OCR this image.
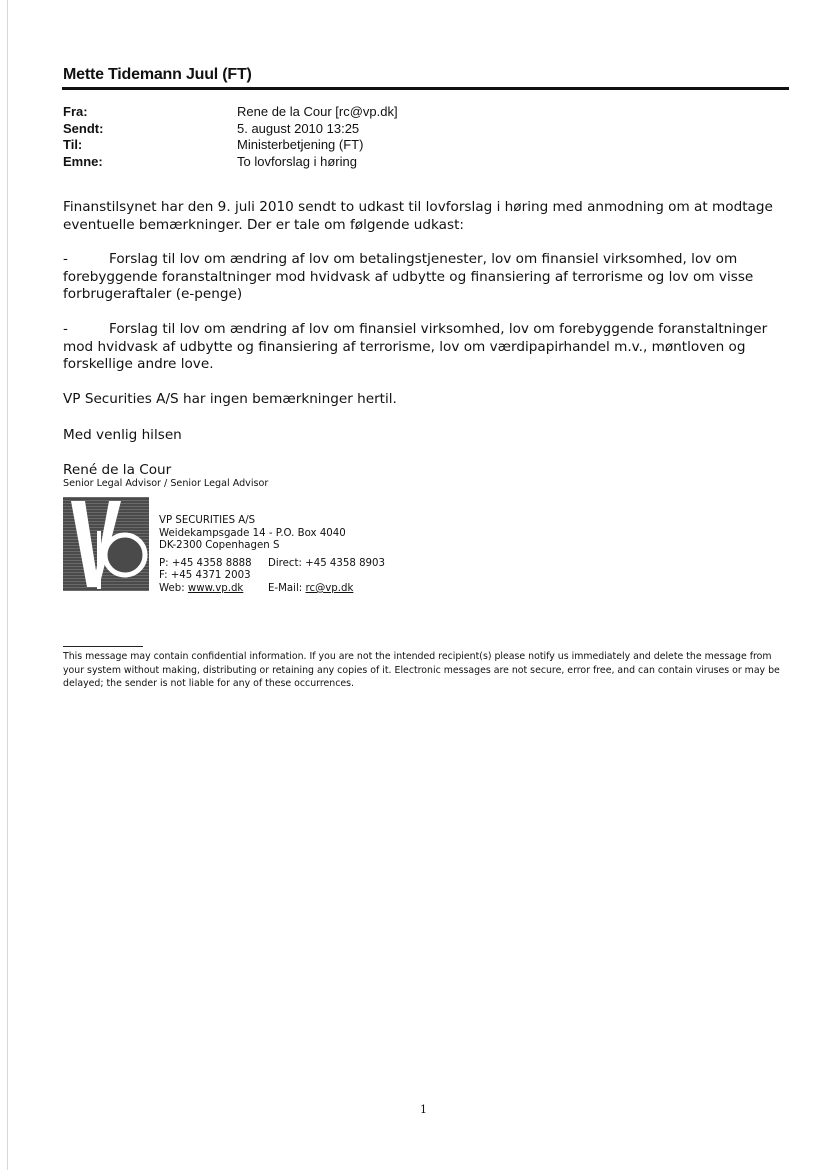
Mette Tidemann Juul (FT)
Fra:	Rene de la Cour [rc@vp.dk]
Sendt:	5. august 2010 13:25
Til:	Ministerbetjening (FT)
Emne:	To lovforslag i høring

Finanstilsynet har den 9. juli 2010 sendt to udkast til lovforslag i høring med anmodning om at modtage eventuelle bemærkninger. Der er tale om følgende udkast:

-	Forslag til lov om ændring af lov om betalingstjenester, lov om finansiel virksomhed, lov om forebyggende foranstaltninger mod hvidvask af udbytte og finansiering af terrorisme og lov om visse forbrugeraftaler (e-penge)

-	Forslag til lov om ændring af lov om finansiel virksomhed, lov om forebyggende foranstaltninger mod hvidvask af udbytte og finansiering af terrorisme, lov om værdipapirhandel m.v., møntloven og forskellige andre love.

VP Securities A/S har ingen bemærkninger hertil.

Med venlig hilsen

René de la Cour

Senior Legal Advisor / Senior Legal Advisor
VP SECURITIES A/S
Weidekampsgade 14 - P.O. Box 4040
DK-2300 Copenhagen S
P: +45 4358 8888 Direct: +45 4358 8903
F: +45 4371 2003
Web: www.vp.dk E-Mail: rc@vp.dk

This message may contain confidential information. If you are not the intended recipient(s) please notify us immediately and delete the message from your system without making, distributing or retaining any copies of it. Electronic messages are not secure, error free, and can contain viruses or may be delayed; the sender is not liable for any of these occurrences.

1
